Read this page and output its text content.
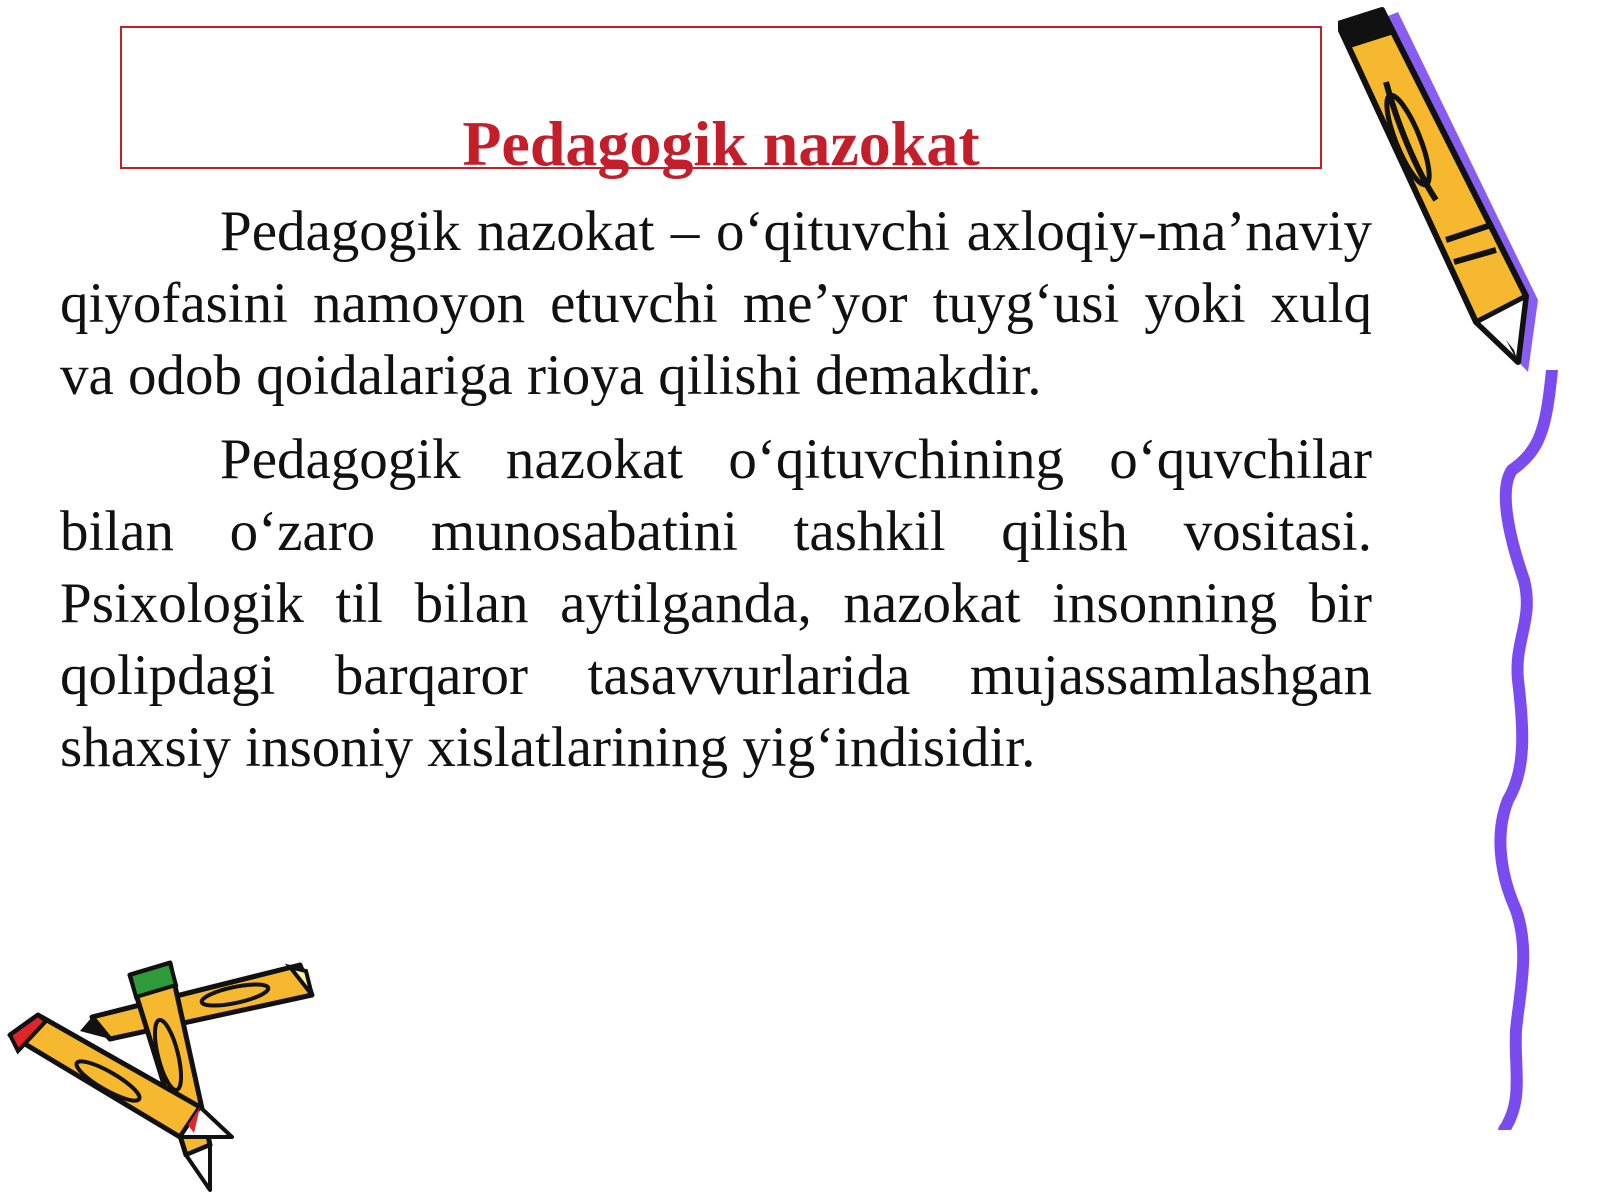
Pedagogik nazokat

Pedagogik nazokat – o‘qituvchi axloqiy-ma’naviy qiyofasini namoyon etuvchi me’yor tuyg‘usi yoki xulq va odob qoidalariga rioya qilishi demakdir.

Pedagogik nazokat o‘qituvchining o‘quvchilar bilan o‘zaro munosabatini tashkil qilish vositasi. Psixologik til bilan aytilganda, nazokat insonning bir qolipdagi barqaror tasavvurlarida mujassamlashgan shaxsiy insoniy xislatlarining yig‘indisidir.
